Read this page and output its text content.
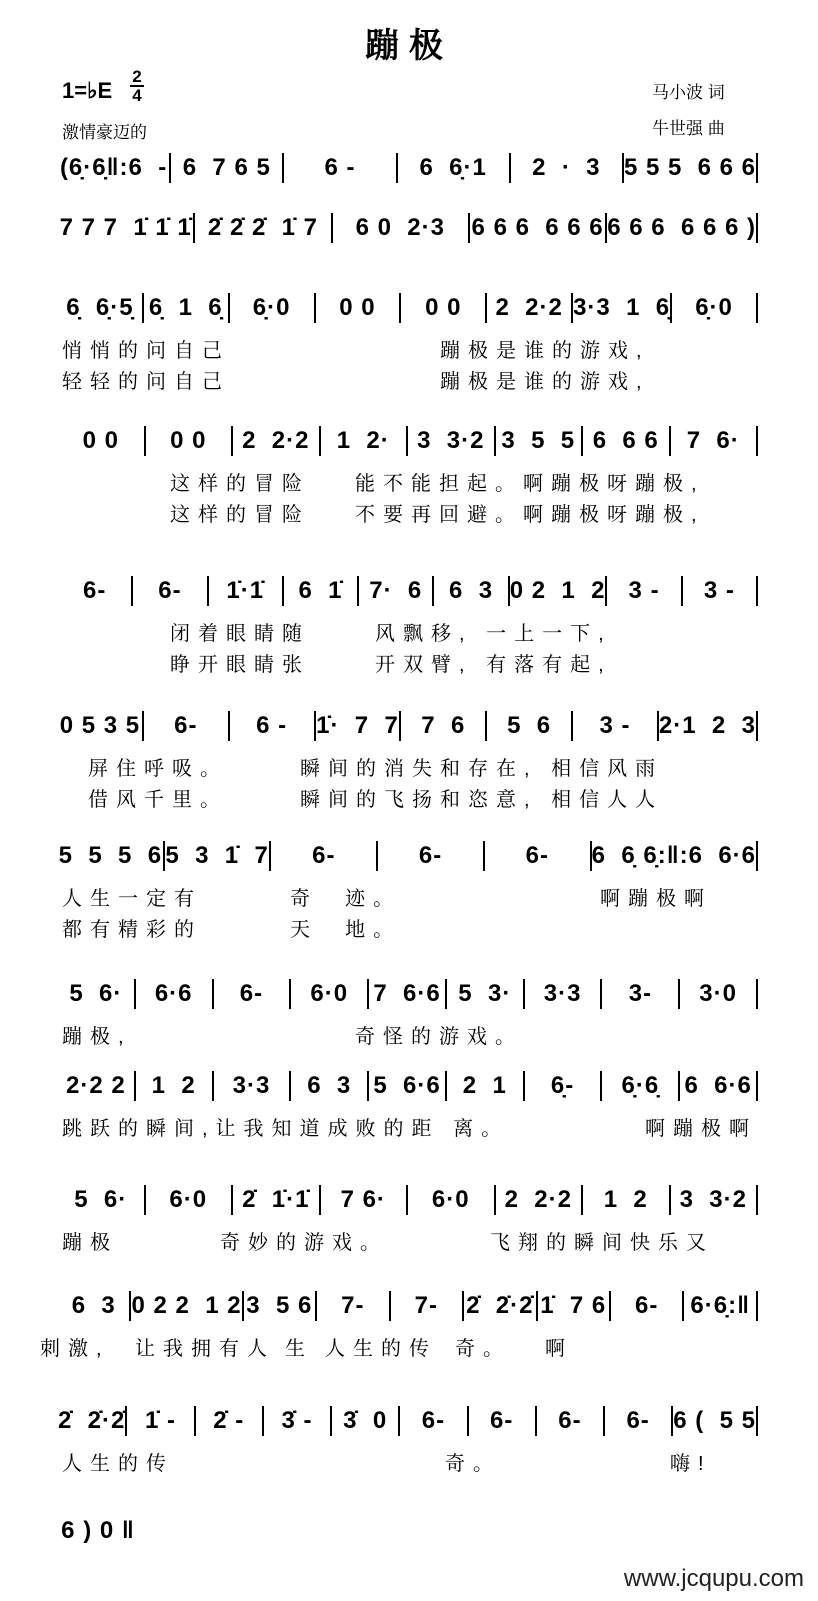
蹦极
1=♭E
2
4
激情豪迈的
马小波 词
牛世强 曲
(6̣·6̣‖:6  - 6  7 6 5	6 -	6  6̣·1	2  ·  3 5 5 5  6 6 6
7 7 7  1̇ 1̇ 1̇ 2̇ 2̇ 2̇  1̇ 7	6 0  2·3	6 6 6  6 6 6 6 6 6  6 6 6 )
6̣  6̣·5̣ 6̣  1  6̣	6̣·0	0 0	0 0	2  2·2 3·3  1  6̣	6̣·0
悄悄的问自己	蹦极是谁的游戏,
轻轻的问自己	蹦极是谁的游戏,
0 0	0 0	2  2·2	1  2·	3  3·2 3  5  5 6  6 6	7  6·
这样的冒险 能不能担起。啊蹦极呀蹦极,
这样的冒险 不要再回避。啊蹦极呀蹦极,
6-	6-	1̇·1̇	6  1̇	7·  6	6  3 0 2  1  2 3 -	3 -
闭着眼睛随	风飘移, 一上一下,
睁开眼睛张	开双臂, 有落有起,
0 5 3 5	6-	6 -	1̇·  7  7 7  6	5  6	3 -	2·1  2  3
屏住呼吸。	瞬间的消失和存在, 相信风雨
借风千里。	瞬间的飞扬和恣意, 相信人人
5  5  5  6 5  3  1̇  7	6-	6-	6-	6  6̣ 6̣:‖:6  6·6
人生一定有	奇  迹。	啊蹦极啊
都有精彩的	天  地。
5  6·	6·6	6-	6·0	7  6·6 5  3·	3·3	3-	3·0
蹦极,	奇怪的游戏。
2·2 2	1  2	3·3	6  3 5  6·6 2  1	6̣-	6̣·6̣	6  6·6
跳跃的瞬间,让我知道成败的距 离。	啊蹦极啊
5  6·	6·0	2̇  1̇·1̇	7 6·	6·0	2  2·2	1  2	3  3·2
蹦极	奇妙的游戏。	飞翔的瞬间快乐又
6  3 0 2 2  1 2 3  5 6	7-	7-	2̇  2̇·2̇ 1̇  7 6	6-	6·6̣:‖
刺激, 让我拥有人 生 人生的传 奇。 啊
2̇  2̇·2̇ 1̇ -	2̇ -	3̇ -	3̇  0	6-	6-	6-	6- 6 (  5 5
人生的传	奇。	嗨!
6 ) 0 ‖
www.jcqupu.com
